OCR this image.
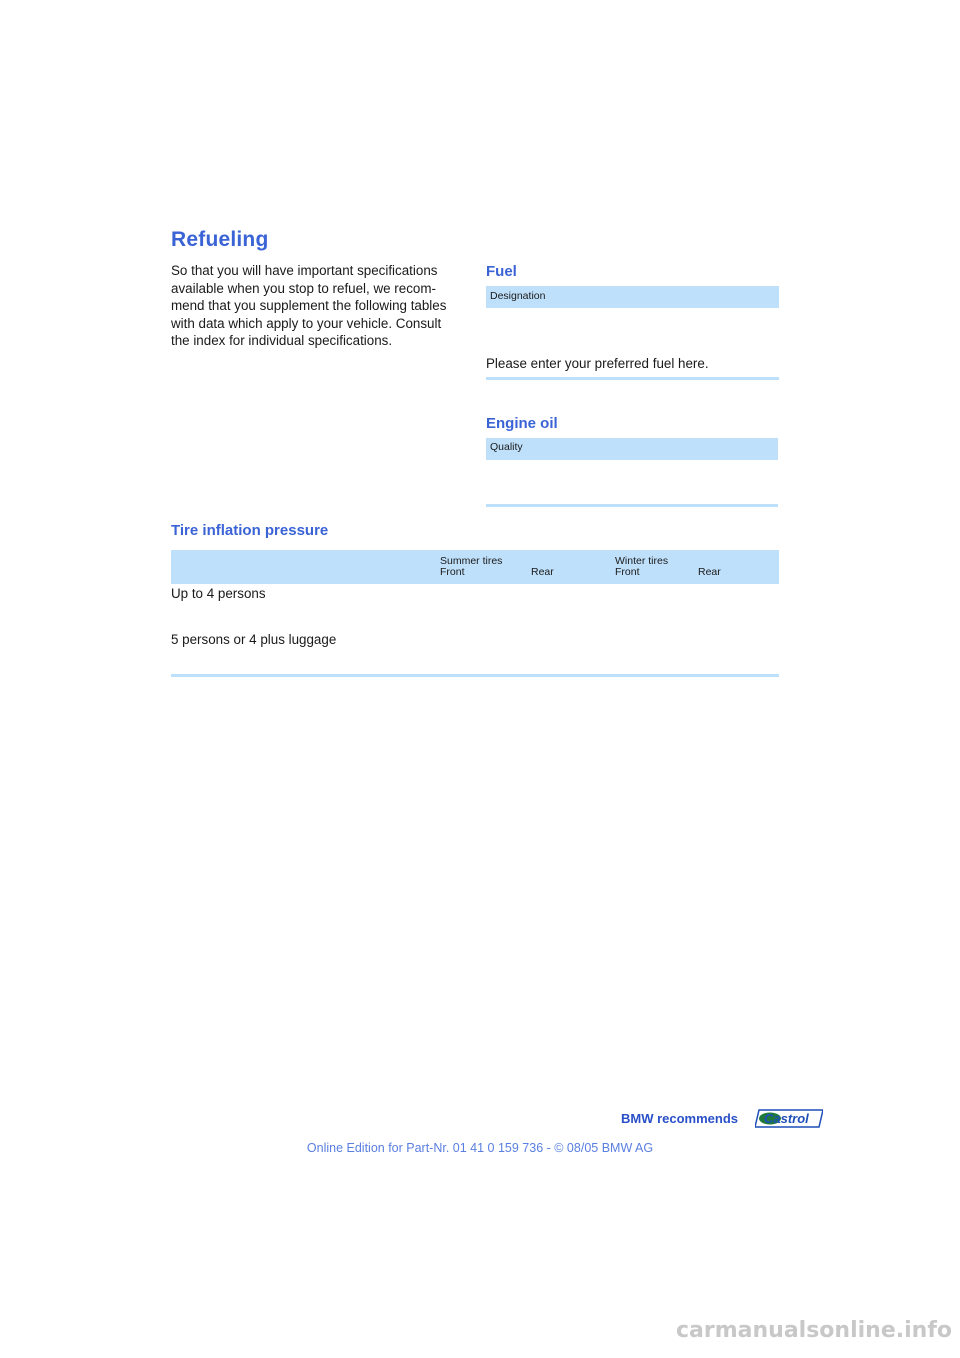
Refueling
So that you will have important specifications
available when you stop to refuel, we recom-
mend that you supplement the following tables
with data which apply to your vehicle. Consult
the index for individual specifications.
Fuel
Designation
Please enter your preferred fuel here.
Engine oil
Quality
Tire inflation pressure
Summer tires
Front	Rear
Winter tires
Front	Rear
Up to 4 persons
5 persons or 4 plus luggage
BMW recommends Castrol
Online Edition for Part-Nr. 01 41 0 159 736 - © 08/05 BMW AG
carmanualsonline.info
